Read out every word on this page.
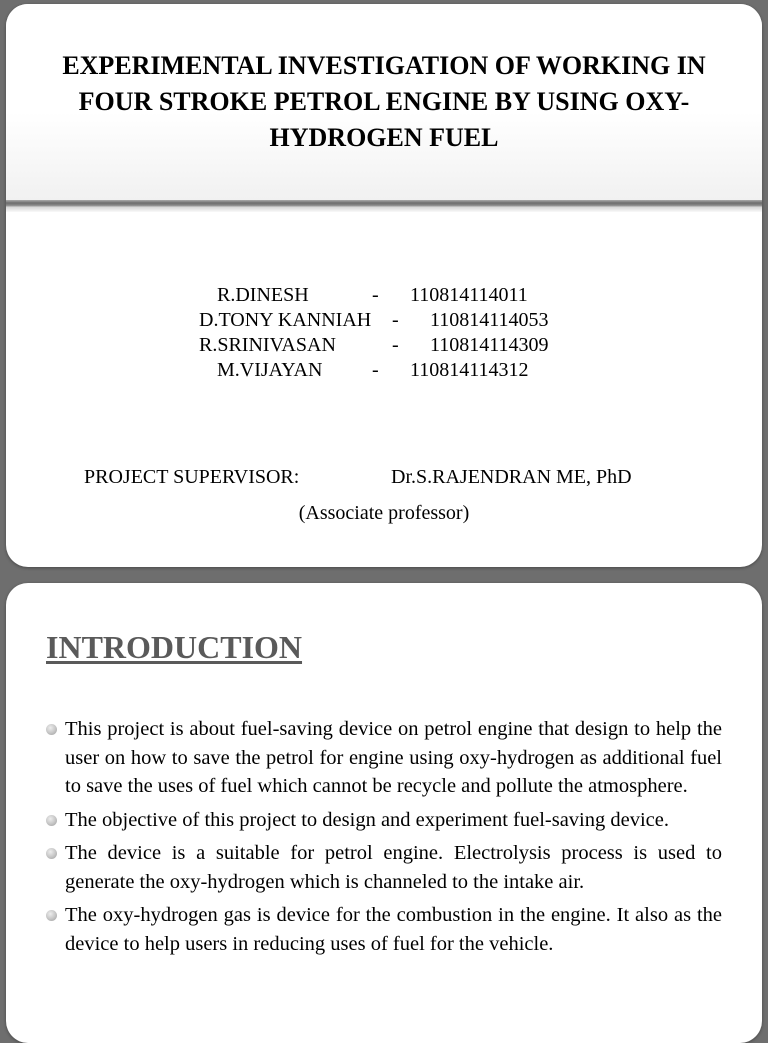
EXPERIMENTAL INVESTIGATION OF WORKING IN FOUR STROKE PETROL ENGINE BY USING OXY-HYDROGEN FUEL
R.DINESH	- 110814114011
D.TONY KANNIAH - 110814114053
R.SRINIVASAN	- 110814114309
M.VIJAYAN - 110814114312
PROJECT SUPERVISOR:	Dr.S.RAJENDRAN ME, PhD
(Associate professor)
INTRODUCTION
This project is about fuel-saving device on petrol engine that design to help the user on how to save the petrol for engine using oxy-hydrogen as additional fuel to save the uses of fuel which cannot be recycle and pollute the atmosphere.
The objective of this project to design and experiment fuel-saving device.
The device is a suitable for petrol engine. Electrolysis process is used to generate the oxy-hydrogen which is channeled to the intake air.
The oxy-hydrogen gas is device for the combustion in the engine. It also as the device to help users in reducing uses of fuel for the vehicle.
